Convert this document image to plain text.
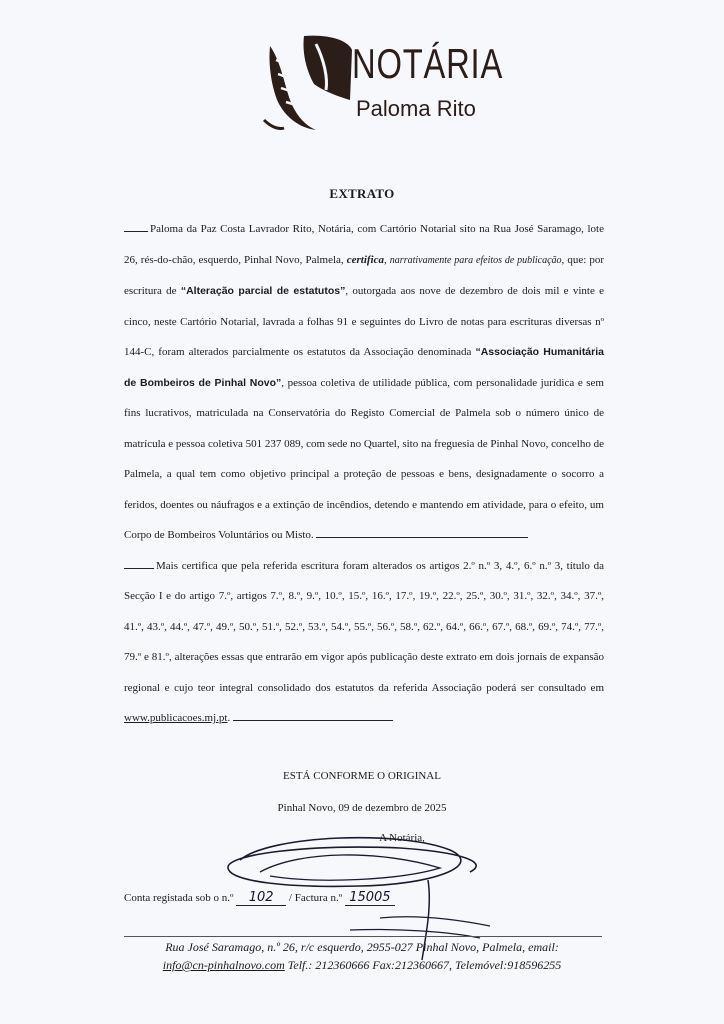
NOTÁRIA
Paloma Rito
EXTRATO

Paloma da Paz Costa Lavrador Rito, Notária, com Cartório Notarial sito na Rua José Saramago, lote 26, rés-do-chão, esquerdo, Pinhal Novo, Palmela, certifica, narrativamente para efeitos de publicação, que: por escritura de “Alteração parcial de estatutos”, outorgada aos nove de dezembro de dois mil e vinte e cinco, neste Cartório Notarial, lavrada a folhas 91 e seguintes do Livro de notas para escrituras diversas nº 144-C, foram alterados parcialmente os estatutos da Associação denominada “Associação Humanitária de Bombeiros de Pinhal Novo”, pessoa coletiva de utilidade pública, com personalidade jurídica e sem fins lucrativos, matriculada na Conservatória do Registo Comercial de Palmela sob o número único de matrícula e pessoa coletiva 501 237 089, com sede no Quartel, sito na freguesia de Pinhal Novo, concelho de Palmela, a qual tem como objetivo principal a proteção de pessoas e bens, designadamente o socorro a feridos, doentes ou náufragos e a extinção de incêndios, detendo e mantendo em atividade, para o efeito, um Corpo de Bombeiros Voluntários ou Misto.

Mais certifica que pela referida escritura foram alterados os artigos 2.º n.º 3, 4.º, 6.º n.º 3, título da Secção I e do artigo 7.º, artigos 7.º, 8.º, 9.º, 10.º, 15.º, 16.º, 17.º, 19.º, 22.º, 25.º, 30.º, 31.º, 32.º, 34.º, 37.º, 41.º, 43.º, 44.º, 47.º, 49.º, 50.º, 51.º, 52.º, 53.º, 54.º, 55.º, 56.º, 58.º, 62.º, 64.º, 66.º, 67.º, 68.º, 69.º, 74.º, 77.º, 79.º e 81.º, alterações essas que entrarão em vigor após publicação deste extrato em dois jornais de expansão regional e cujo teor integral consolidado dos estatutos da referida Associação poderá ser consultado em www.publicacoes.mj.pt.

ESTÁ CONFORME O ORIGINAL
Pinhal Novo, 09 de dezembro de 2025
A Notária,
Conta registada sob o n.º 102 / Factura n.º 15005
Rua José Saramago, n.º 26, r/c esquerdo, 2955-027 Pinhal Novo, Palmela, email:
info@cn-pinhalnovo.com Telf.: 212360666 Fax:212360667, Telemóvel:918596255
